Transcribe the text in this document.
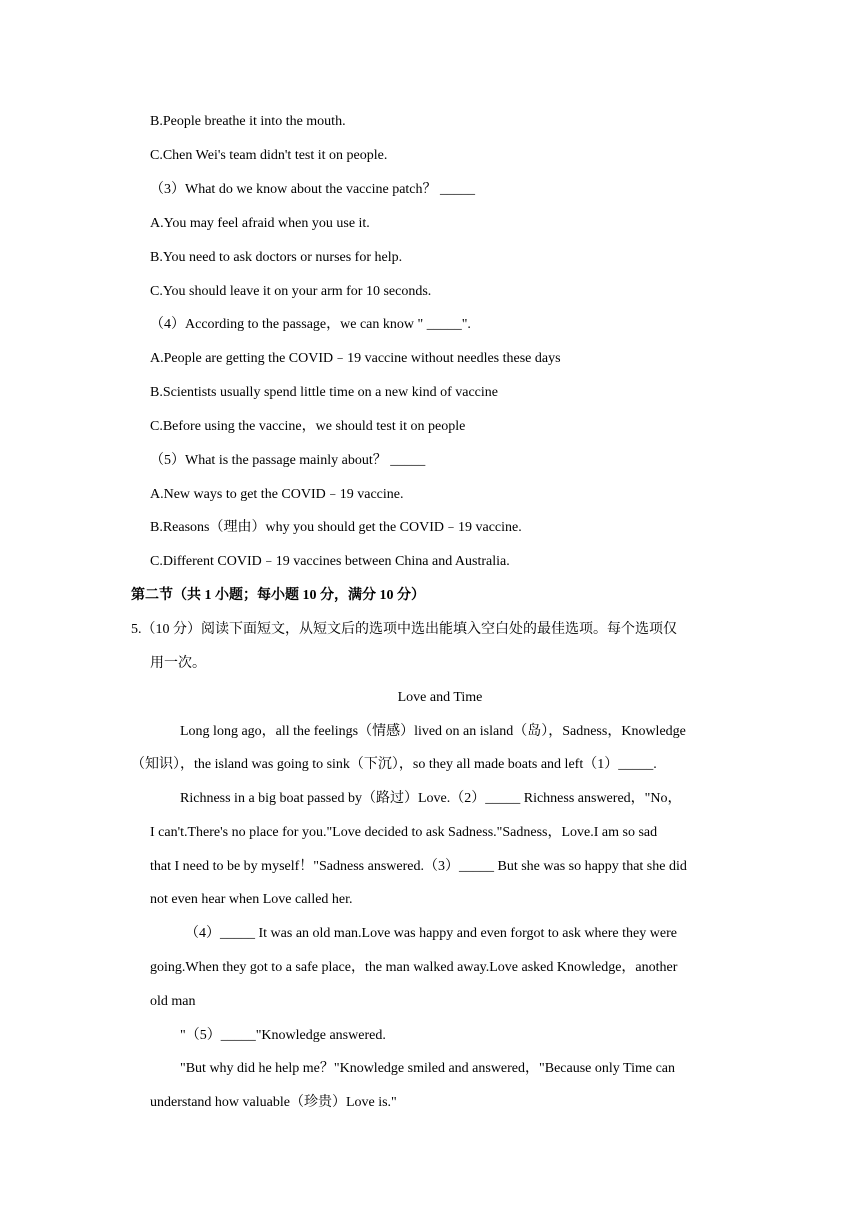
B.People breathe it into the mouth.
C.Chen Wei's team didn't test it on people.
（3）What do we know about the vaccine patch？ _____
A.You may feel afraid when you use it.
B.You need to ask doctors or nurses for help.
C.You should leave it on your arm for 10 seconds.
（4）According to the passage，we can know " _____".
A.People are getting the COVID﹣19 vaccine without needles these days
B.Scientists usually spend little time on a new kind of vaccine
C.Before using the vaccine，we should test it on people
（5）What is the passage mainly about？ _____
A.New ways to get the COVID﹣19 vaccine.
B.Reasons（理由）why you should get the COVID﹣19 vaccine.
C.Different COVID﹣19 vaccines between China and Australia.
第二节（共 1 小题；每小题 10 分，满分 10 分）
5.（10 分）阅读下面短文，从短文后的选项中选出能填入空白处的最佳选项。每个选项仅
用一次。
Love and Time
Long long ago，all the feelings（情感）lived on an island（岛），Sadness，Knowledge
（知识），the island was going to sink（下沉），so they all made boats and left（1）_____.
Richness in a big boat passed by（路过）Love.（2）_____ Richness answered，"No，
I can't.There's no place for you."Love decided to ask Sadness."Sadness，Love.I am so sad
that I need to be by myself！"Sadness answered.（3）_____ But she was so happy that she did
not even hear when Love called her.
（4）_____ It was an old man.Love was happy and even forgot to ask where they were
going.When they got to a safe place，the man walked away.Love asked Knowledge，another
old man
"（5）_____"Knowledge answered.
"But why did he help me？"Knowledge smiled and answered，"Because only Time can
understand how valuable（珍贵）Love is."
